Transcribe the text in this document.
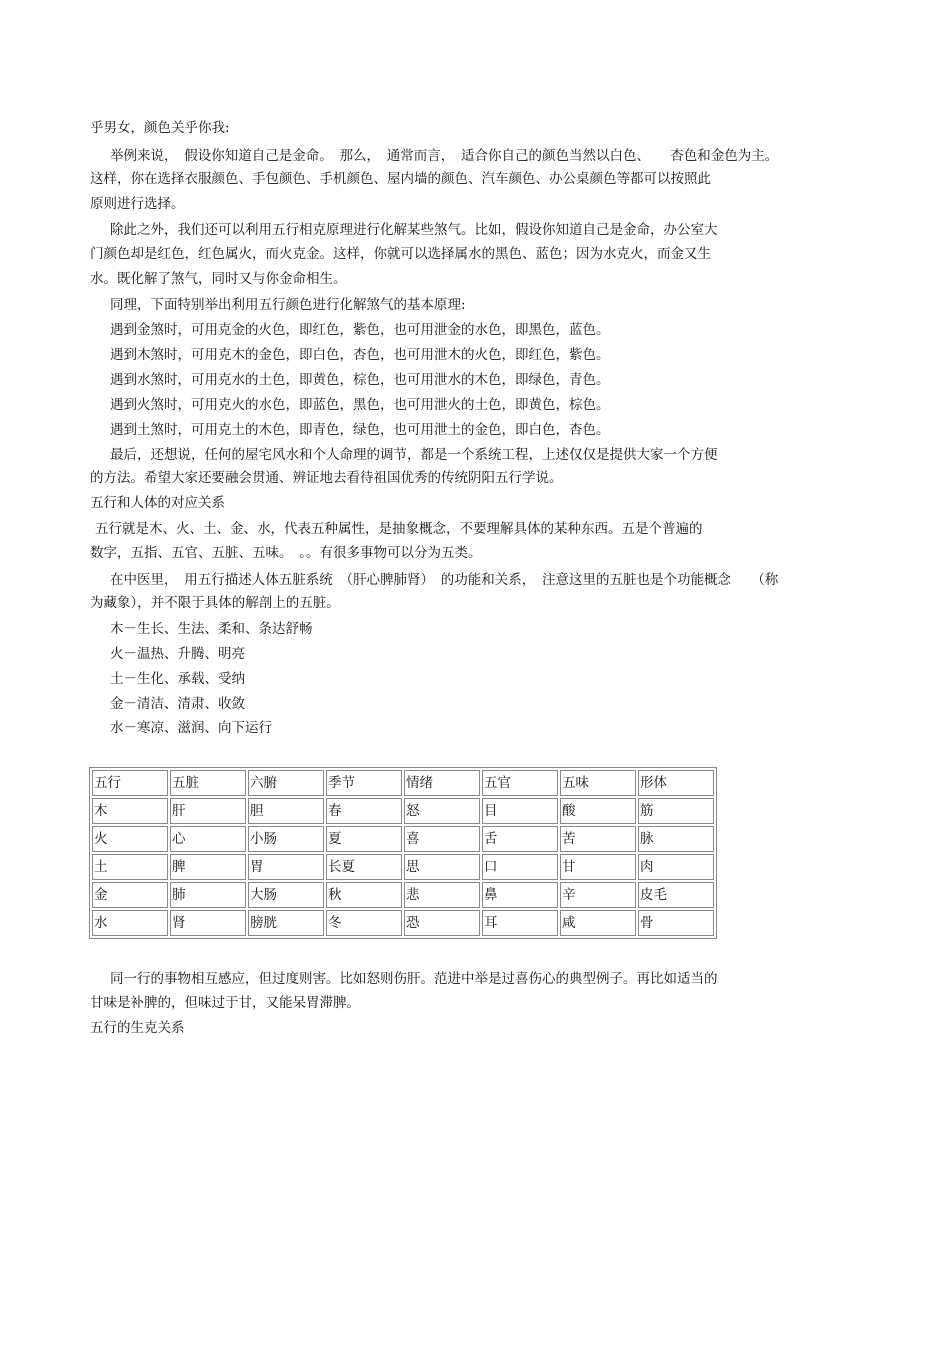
乎男女，颜色关乎你我:
举例来说，　假设你知道自己是金命。　那么，　通常而言，　适合你自己的颜色当然以白色、　　杏色和金色为主。
这样，你在选择衣服颜色、手包颜色、手机颜色、屋内墙的颜色、汽车颜色、办公桌颜色等都可以按照此
原则进行选择。
除此之外，我们还可以利用五行相克原理进行化解某些煞气。比如，假设你知道自己是金命，办公室大
门颜色却是红色，红色属火，而火克金。这样，你就可以选择属水的黑色、蓝色；因为水克火，而金又生
水。既化解了煞气，同时又与你金命相生。
同理，下面特别举出利用五行颜色进行化解煞气的基本原理:
遇到金煞时，可用克金的火色，即红色，紫色，也可用泄金的水色，即黑色，蓝色。
遇到木煞时，可用克木的金色，即白色，杏色，也可用泄木的火色，即红色，紫色。
遇到水煞时，可用克水的土色，即黄色，棕色，也可用泄水的木色，即绿色，青色。
遇到火煞时，可用克火的水色，即蓝色，黑色，也可用泄火的土色，即黄色，棕色。
遇到土煞时，可用克土的木色，即青色，绿色，也可用泄土的金色，即白色，杏色。
最后，还想说，任何的屋宅风水和个人命理的调节，都是一个系统工程，上述仅仅是提供大家一个方便
的方法。希望大家还要融会贯通、辨证地去看待祖国优秀的传统阴阳五行学说。
五行和人体的对应关系
五行就是木、火、土、金、水，代表五种属性，是抽象概念，不要理解具体的某种东西。五是个普遍的
数字，五指、五官、五脏、五味。　。。有很多事物可以分为五类。
在中医里，　用五行描述人体五脏系统　（肝心脾肺肾）　的功能和关系，　注意这里的五脏也是个功能概念　　（称
为藏象），并不限于具体的解剖上的五脏。
木－生长、生法、柔和、条达舒畅
火－温热、升腾、明亮
土－生化、承载、受纳
金－清洁、清肃、收敛
水－寒凉、滋润、向下运行
五行	五脏	六腑	季节	情绪	五官	五味	形体
木	肝	胆	春	怒	目	酸	筋
火	心	小肠	夏	喜	舌	苦	脉
土	脾	胃	长夏	思	口	甘	肉
金	肺	大肠	秋	悲	鼻	辛	皮毛
水	肾	膀胱	冬	恐	耳	咸	骨
同一行的事物相互感应，但过度则害。比如怒则伤肝。范进中举是过喜伤心的典型例子。再比如适当的
甘味是补脾的，但味过于甘，又能呆胃滞脾。
五行的生克关系
